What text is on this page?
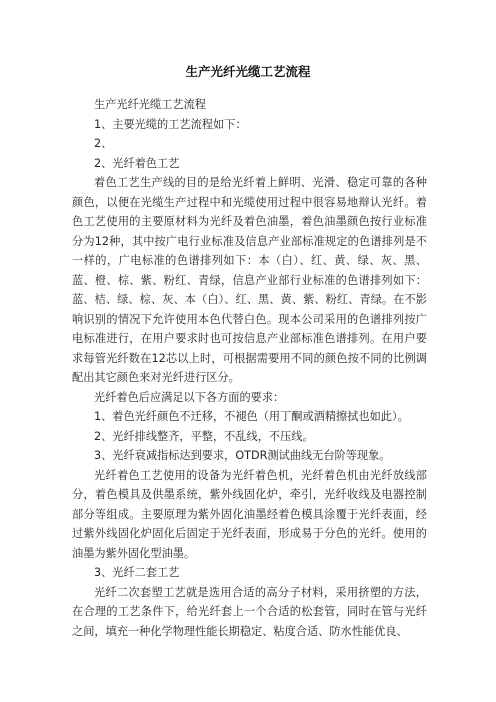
生产光纤光缆工艺流程

生产光纤光缆工艺流程

1、主要光缆的工艺流程如下：

2、

2、光纤着色工艺

着色工艺生产线的目的是给光纤着上鲜明、光滑、稳定可靠的各种颜色，以便在光缆生产过程中和光缆使用过程中很容易地辩认光纤。着色工艺使用的主要原材料为光纤及着色油墨，着色油墨颜色按行业标准分为12种，其中按广电行业标准及信息产业部标准规定的色谱排列是不一样的，广电标准的色谱排列如下：本（白）、红、黄、绿、灰、黑、蓝、橙、棕、紫、粉红、青绿，信息产业部行业标准的色谱排列如下：蓝、桔、绿、棕、灰、本（白）、红、黑、黄、紫、粉红、青绿。在不影响识别的情况下允许使用本色代替白色。现本公司采用的色谱排列按广电标准进行，在用户要求时也可按信息产业部标准色谱排列。在用户要求每管光纤数在12芯以上时，可根据需要用不同的颜色按不同的比例调配出其它颜色来对光纤进行区分。

光纤着色后应满足以下各方面的要求：

1、着色光纤颜色不迁移，不褪色（用丁酮或酒精擦拭也如此）。

2、光纤排线整齐，平整，不乱线，不压线。

3、光纤衰减指标达到要求，OTDR测试曲线无台阶等现象。

光纤着色工艺使用的设备为光纤着色机，光纤着色机由光纤放线部分，着色模具及供墨系统，紫外线固化炉，牵引，光纤收线及电器控制部分等组成。主要原理为紫外固化油墨经着色模具涂覆于光纤表面，经过紫外线固化炉固化后固定于光纤表面，形成易于分色的光纤。使用的油墨为紫外固化型油墨。

3、光纤二套工艺

光纤二次套塑工艺就是选用合适的高分子材料，采用挤塑的方法，在合理的工艺条件下，给光纤套上一个合适的松套管，同时在管与光纤之间，填充一种化学物理性能长期稳定、粘度合适、防水性能优良、
